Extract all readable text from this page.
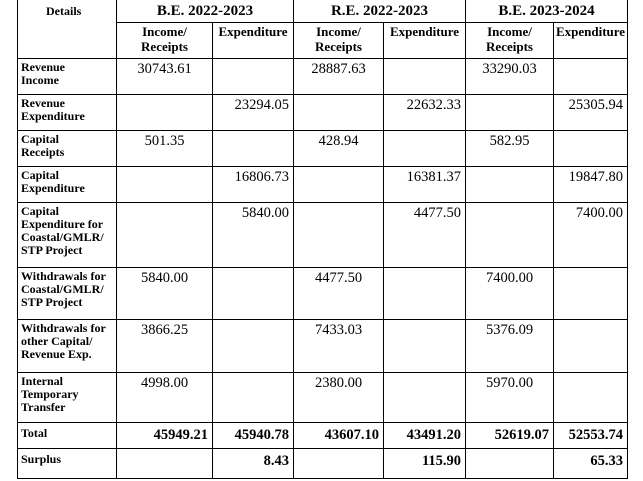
Details	B.E. 2022-2023		R.E. 2022-2023		B.E. 2023-2024	
	Income/
Receipts	Expenditure	Income/
Receipts	Expenditure	Income/
Receipts	Expenditure
Revenue
Income	30743.61		28887.63		33290.03	
Revenue
Expenditure		23294.05		22632.33		25305.94
Capital
Receipts	501.35		428.94		582.95	
Capital
Expenditure		16806.73		16381.37		19847.80
Capital
Expenditure for
Coastal/GMLR/
STP Project		5840.00		4477.50		7400.00
Withdrawals for
Coastal/GMLR/
STP Project	5840.00		4477.50		7400.00	
Withdrawals for
other Capital/
Revenue Exp.	3866.25		7433.03		5376.09	
Internal
Temporary
Transfer	4998.00		2380.00		5970.00	
Total	45949.21	45940.78	43607.10	43491.20	52619.07	52553.74
Surplus		8.43		115.90		65.33
